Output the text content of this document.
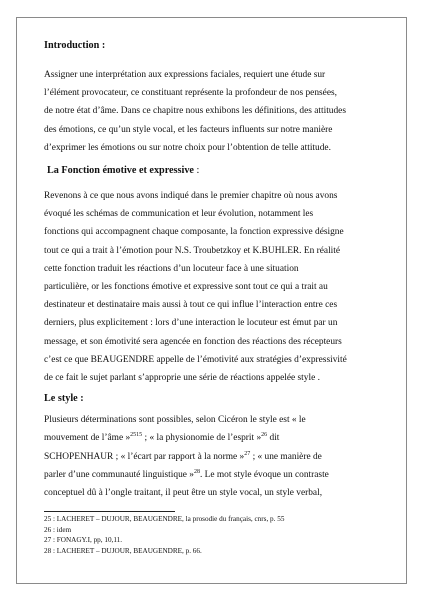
Introduction :

Assigner une interprétation aux expressions faciales, requiert une étude sur
l’élément provocateur, ce constituant représente la profondeur de nos pensées,
de notre état d’âme. Dans ce chapitre nous exhibons les définitions, des attitudes
des émotions, ce qu’un style vocal, et les facteurs influents sur notre manière
d’exprimer les émotions ou sur notre choix pour l’obtention de telle attitude.

La Fonction émotive et expressive :

Revenons à ce que nous avons indiqué dans le premier chapitre où nous avons
évoqué les schémas de communication et leur évolution, notamment les
fonctions qui accompagnent chaque composante, la fonction expressive désigne
tout ce qui a trait à l’émotion pour N.S. Troubetzkoy et K.BUHLER. En réalité
cette fonction traduit les réactions d’un locuteur face à une situation
particulière, or les fonctions émotive et expressive sont tout ce qui a trait au
destinateur et destinataire mais aussi à tout ce qui influe l’interaction entre ces
derniers, plus explicitement : lors d’une interaction le locuteur est émut par un
message, et son émotivité sera agencée en fonction des réactions des récepteurs
c’est ce que BEAUGENDRE appelle de l’émotivité aux stratégies d’expressivité
de ce fait le sujet parlant s’approprie une série de réactions appelée style .

Le style :

Plusieurs déterminations sont possibles, selon Cicéron le style est « le
mouvement de l’âme »$^{2515}$ ; « la physionomie de l’esprit »$^{26}$ dit
SCHOPENHAUR ; « l’écart par rapport à la norme »$^{27}$ ; « une manière de
parler d’une communauté linguistique »$^{28}$. Le mot style évoque un contraste
conceptuel dû à l’ongle traitant, il peut être un style vocal, un style verbal,
25 : LACHERET – DUJOUR, BEAUGENDRE, la prosodie du français, cnrs, p. 55
26 : idem
27 : FONAGY.I, pp, 10,11.
28 : LACHERET – DUJOUR, BEAUGENDRE, p. 66.
